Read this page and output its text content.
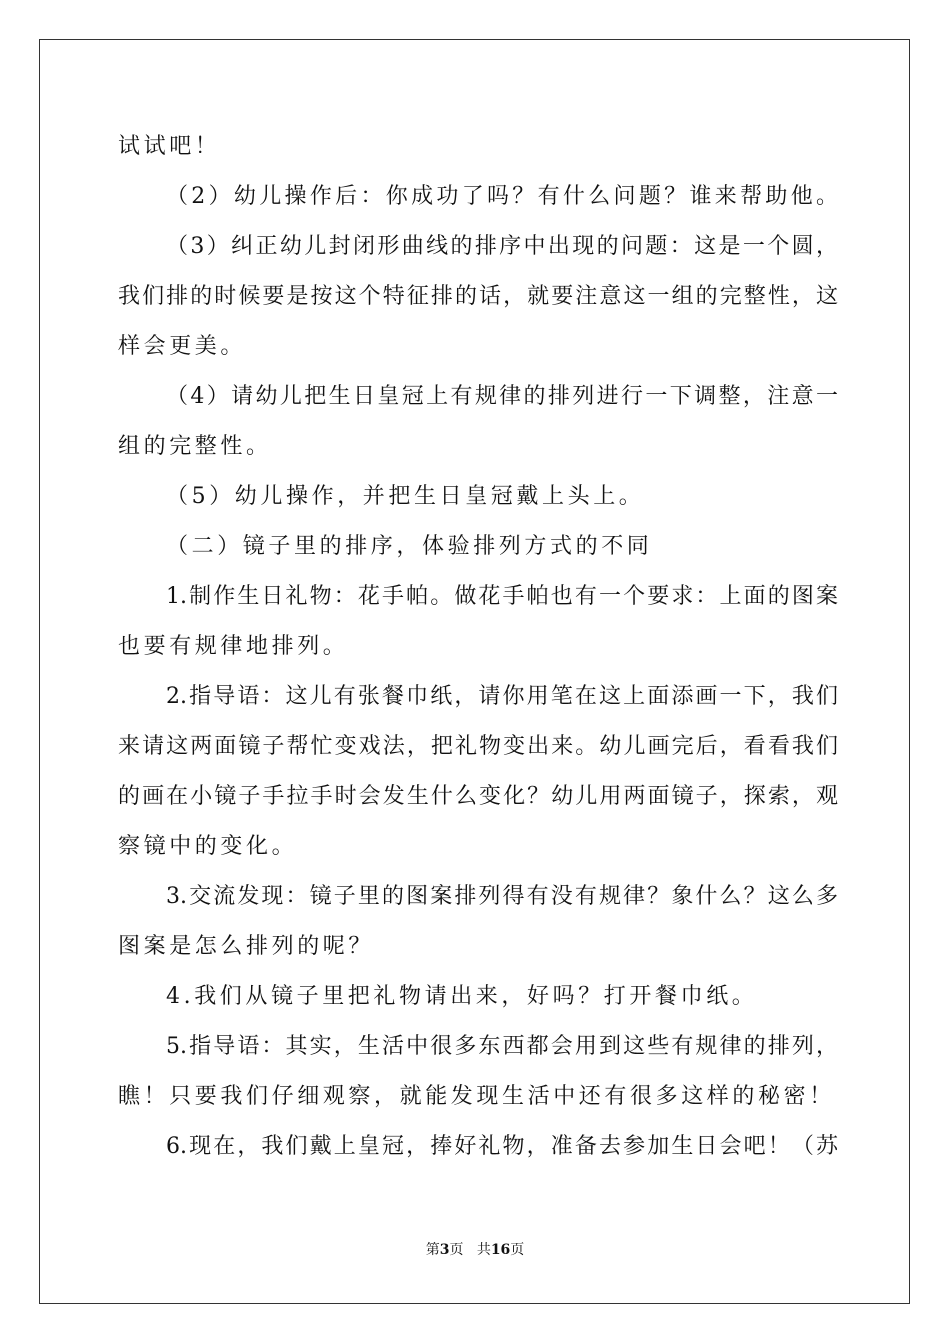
试试吧！
（2）幼儿操作后：你成功了吗？有什么问题？谁来帮助他。
（3）纠正幼儿封闭形曲线的排序中出现的问题：这是一个圆，
我们排的时候要是按这个特征排的话，就要注意这一组的完整性，这
样会更美。
（4）请幼儿把生日皇冠上有规律的排列进行一下调整，注意一
组的完整性。
（5）幼儿操作，并把生日皇冠戴上头上。
（二）镜子里的排序，体验排列方式的不同
1.制作生日礼物：花手帕。做花手帕也有一个要求：上面的图案
也要有规律地排列。
2.指导语：这儿有张餐巾纸，请你用笔在这上面添画一下，我们
来请这两面镜子帮忙变戏法，把礼物变出来。幼儿画完后，看看我们
的画在小镜子手拉手时会发生什么变化？幼儿用两面镜子，探索，观
察镜中的变化。
3.交流发现：镜子里的图案排列得有没有规律？象什么？这么多
图案是怎么排列的呢？
4.我们从镜子里把礼物请出来，好吗？打开餐巾纸。
5.指导语：其实，生活中很多东西都会用到这些有规律的排列，
瞧！只要我们仔细观察，就能发现生活中还有很多这样的秘密！
6.现在，我们戴上皇冠，捧好礼物，准备去参加生日会吧！（苏
第3页 共16页
